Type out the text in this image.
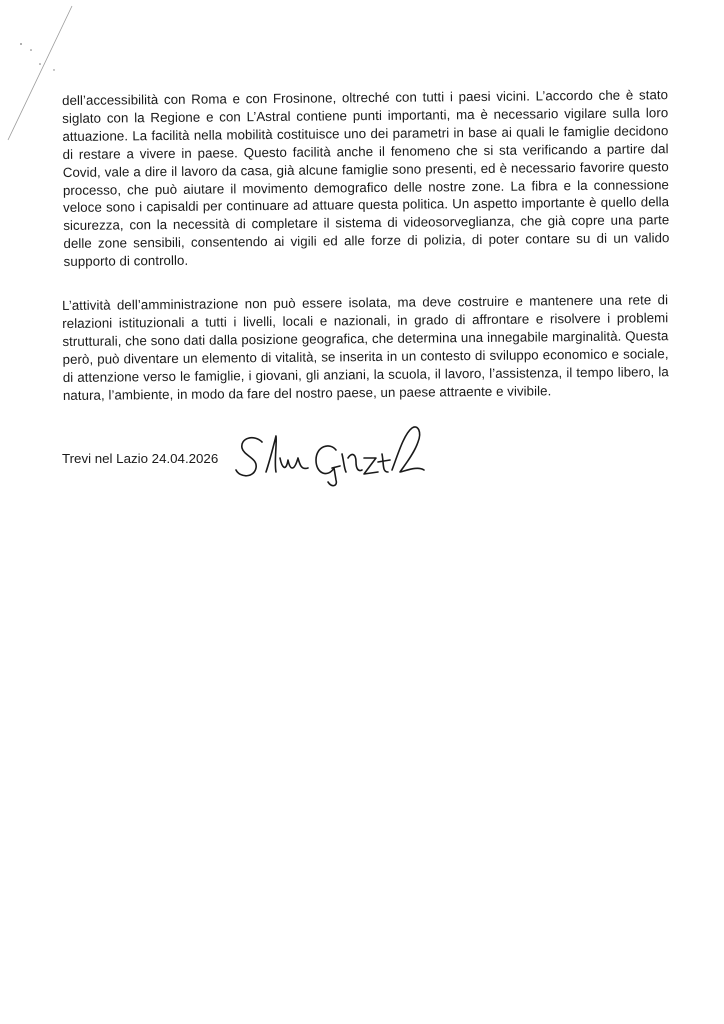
dell’accessibilità con Roma e con Frosinone, oltreché con tutti i paesi vicini. L’accordo che è stato siglato con la Regione e con L’Astral contiene punti importanti, ma è necessario vigilare sulla loro attuazione. La facilità nella mobilità costituisce uno dei parametri in base ai quali le famiglie decidono di restare a vivere in paese. Questo facilità anche il fenomeno che si sta verificando a partire dal Covid, vale a dire il lavoro da casa, già alcune famiglie sono presenti, ed è necessario favorire questo processo, che può aiutare il movimento demografico delle nostre zone. La fibra e la connessione veloce sono i capisaldi per continuare ad attuare questa politica. Un aspetto importante è quello della sicurezza, con la necessità di completare il sistema di videosorveglianza, che già copre una parte delle zone sensibili, consentendo ai vigili ed alle forze di polizia, di poter contare su di un valido supporto di controllo.

L’attività dell’amministrazione non può essere isolata, ma deve costruire e mantenere una rete di relazioni istituzionali a tutti i livelli, locali e nazionali, in grado di affrontare e risolvere i problemi strutturali, che sono dati dalla posizione geografica, che determina una innegabile marginalità. Questa però, può diventare un elemento di vitalità, se inserita in un contesto di sviluppo economico e sociale, di attenzione verso le famiglie, i giovani, gli anziani, la scuola, il lavoro, l’assistenza, il tempo libero, la natura, l’ambiente, in modo da fare del nostro paese, un paese attraente e vivibile.

Trevi nel Lazio 24.04.2026
